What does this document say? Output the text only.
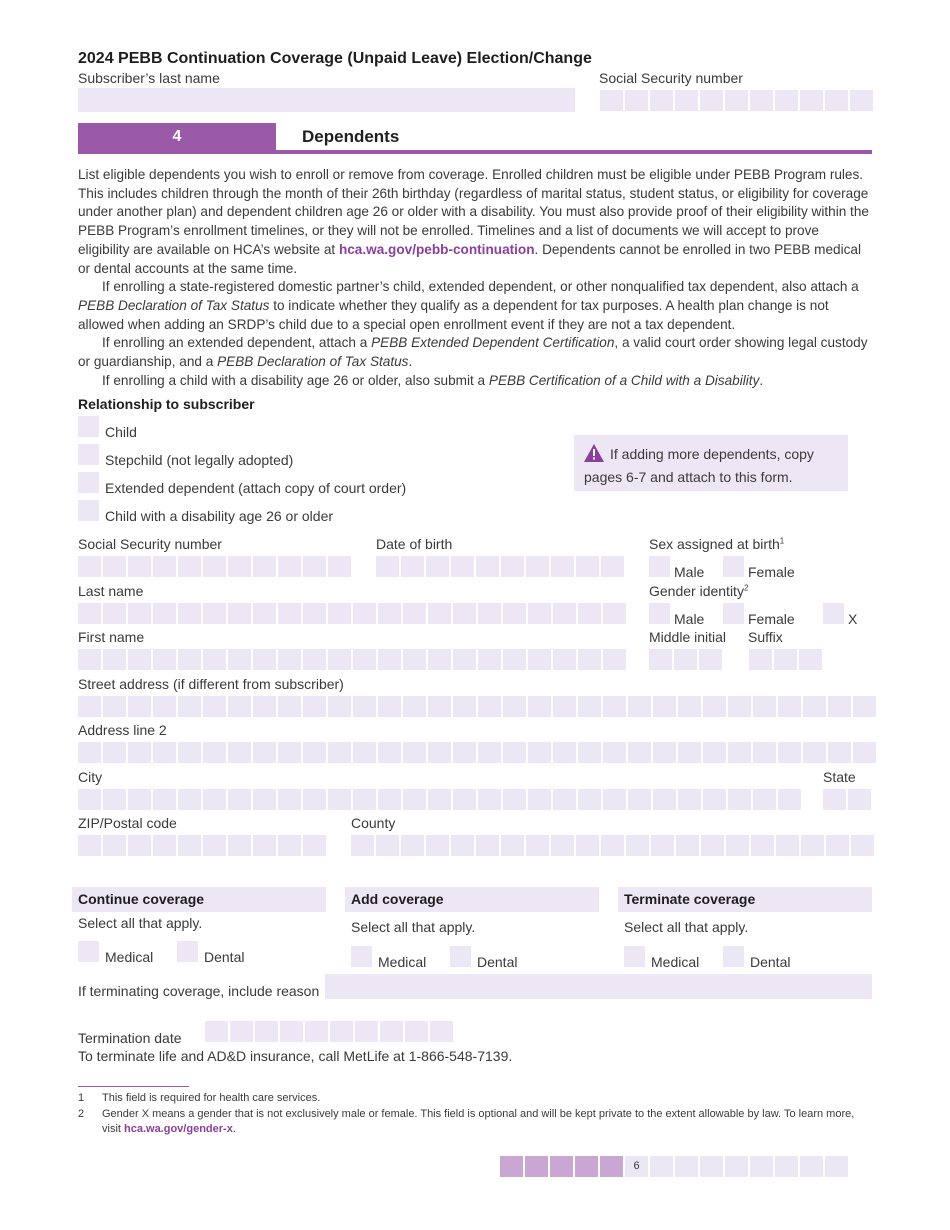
2024 PEBB Continuation Coverage (Unpaid Leave) Election/Change
Subscriber’s last name	Social Security number
4	Dependents

List eligible dependents you wish to enroll or remove from coverage. Enrolled children must be eligible under PEBB Program rules. This includes children through the month of their 26th birthday (regardless of marital status, student status, or eligibility for coverage under another plan) and dependent children age 26 or older with a disability. You must also provide proof of their eligibility within the PEBB Program’s enrollment timelines, or they will not be enrolled. Timelines and a list of documents we will accept to prove eligibility are available on HCA’s website at hca.wa.gov/pebb-continuation. Dependents cannot be enrolled in two PEBB medical or dental accounts at the same time.

If enrolling a state-registered domestic partner’s child, extended dependent, or other nonqualified tax dependent, also attach a PEBB Declaration of Tax Status to indicate whether they qualify as a dependent for tax purposes. A health plan change is not allowed when adding an SRDP’s child due to a special open enrollment event if they are not a tax dependent.

If enrolling an extended dependent, attach a PEBB Extended Dependent Certification, a valid court order showing legal custody or guardianship, and a PEBB Declaration of Tax Status.

If enrolling a child with a disability age 26 or older, also submit a PEBB Certification of a Child with a Disability.

Relationship to subscriber
Child
Stepchild (not legally adopted)
Extended dependent (attach copy of court order)
Child with a disability age 26 or older
If adding more dependents, copy pages 6-7 and attach to this form.
Social Security number	Date of birth	Sex assigned at birth$^1$
Male	Female
Last name	Gender identity$^2$
Male	Female	X
First name	Middle initial Suffix
Street address (if different from subscriber)
Address line 2
City	State
ZIP/Postal code	County
Continue coverage
Select all that apply.
Medical	Dental
Add coverage
Select all that apply.
Medical	Dental
Terminate coverage
Select all that apply.
Medical	Dental
If terminating coverage, include reason
Termination date
To terminate life and AD&D insurance, call MetLife at 1-866-548-7139.
1 This field is required for health care services.
2 Gender X means a gender that is not exclusively male or female. This field is optional and will be kept private to the extent allowable by law. To learn more, visit hca.wa.gov/gender-x.
6
